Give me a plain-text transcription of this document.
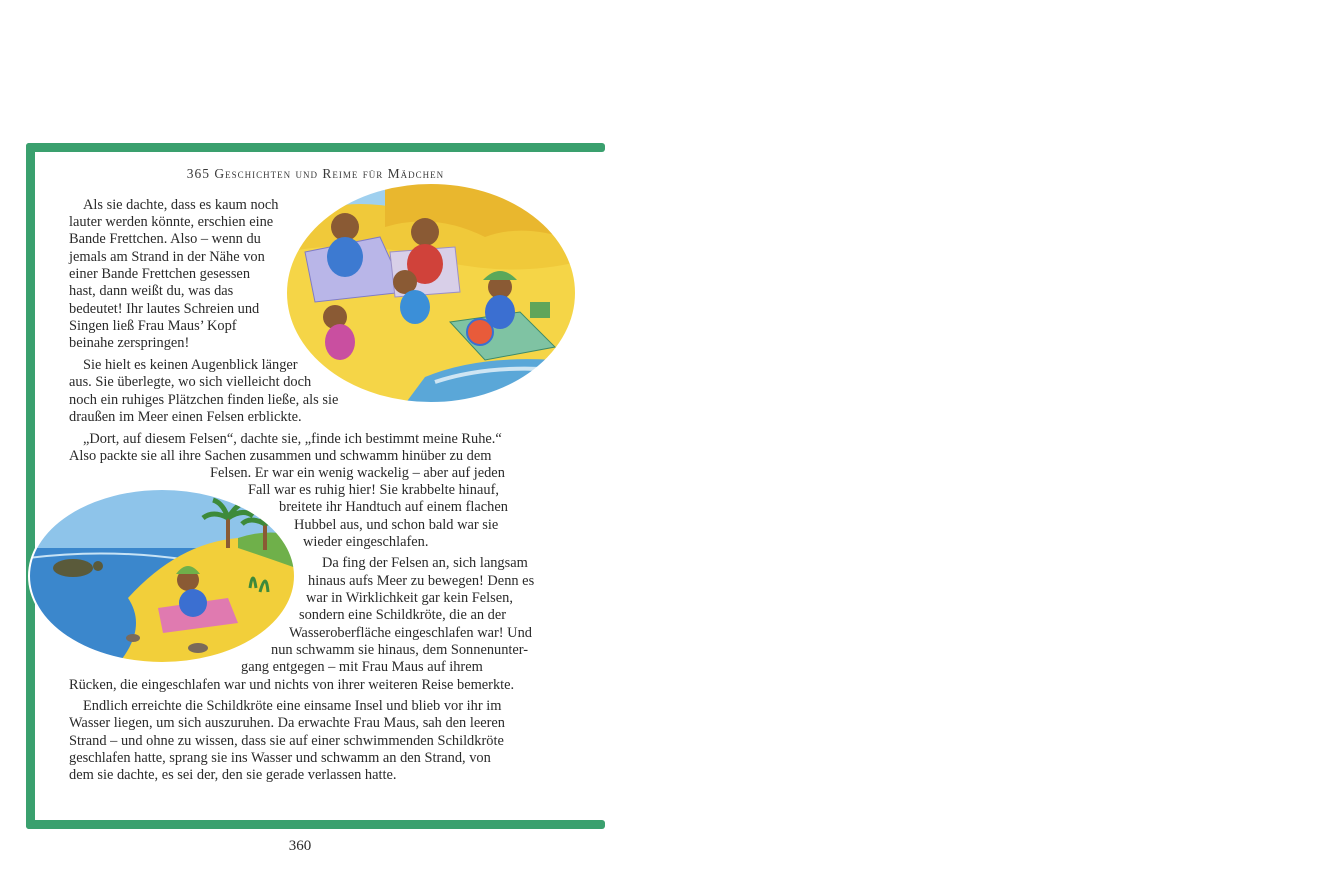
365 Geschichten und Reime für Mädchen
Als sie dachte, dass es kaum noch
lauter werden könnte, erschien eine
Bande Frettchen. Also – wenn du
jemals am Strand in der Nähe von
einer Bande Frettchen gesessen
hast, dann weißt du, was das
bedeutet! Ihr lautes Schreien und
Singen ließ Frau Maus’ Kopf
beinahe zerspringen!
Sie hielt es keinen Augenblick länger
aus. Sie überlegte, wo sich vielleicht doch
noch ein ruhiges Plätzchen finden ließe, als sie
draußen im Meer einen Felsen erblickte.
„Dort, auf diesem Felsen“, dachte sie, „finde ich bestimmt meine Ruhe.“
Also packte sie all ihre Sachen zusammen und schwamm hinüber zu dem
Felsen. Er war ein wenig wackelig – aber auf jeden
Fall war es ruhig hier! Sie krabbelte hinauf,
breitete ihr Handtuch auf einem flachen
Hubbel aus, und schon bald war sie
wieder eingeschlafen.
Da fing der Felsen an, sich langsam
hinaus aufs Meer zu bewegen! Denn es
war in Wirklichkeit gar kein Felsen,
sondern eine Schildkröte, die an der
Wasseroberfläche eingeschlafen war! Und
nun schwamm sie hinaus, dem Sonnenunter-
gang entgegen – mit Frau Maus auf ihrem
Rücken, die eingeschlafen war und nichts von ihrer weiteren Reise bemerkte.
Endlich erreichte die Schildkröte eine einsame Insel und blieb vor ihr im
Wasser liegen, um sich auszuruhen. Da erwachte Frau Maus, sah den leeren
Strand – und ohne zu wissen, dass sie auf einer schwimmenden Schildkröte
geschlafen hatte, sprang sie ins Wasser und schwamm an den Strand, von
dem sie dachte, es sei der, den sie gerade verlassen hatte.
360
